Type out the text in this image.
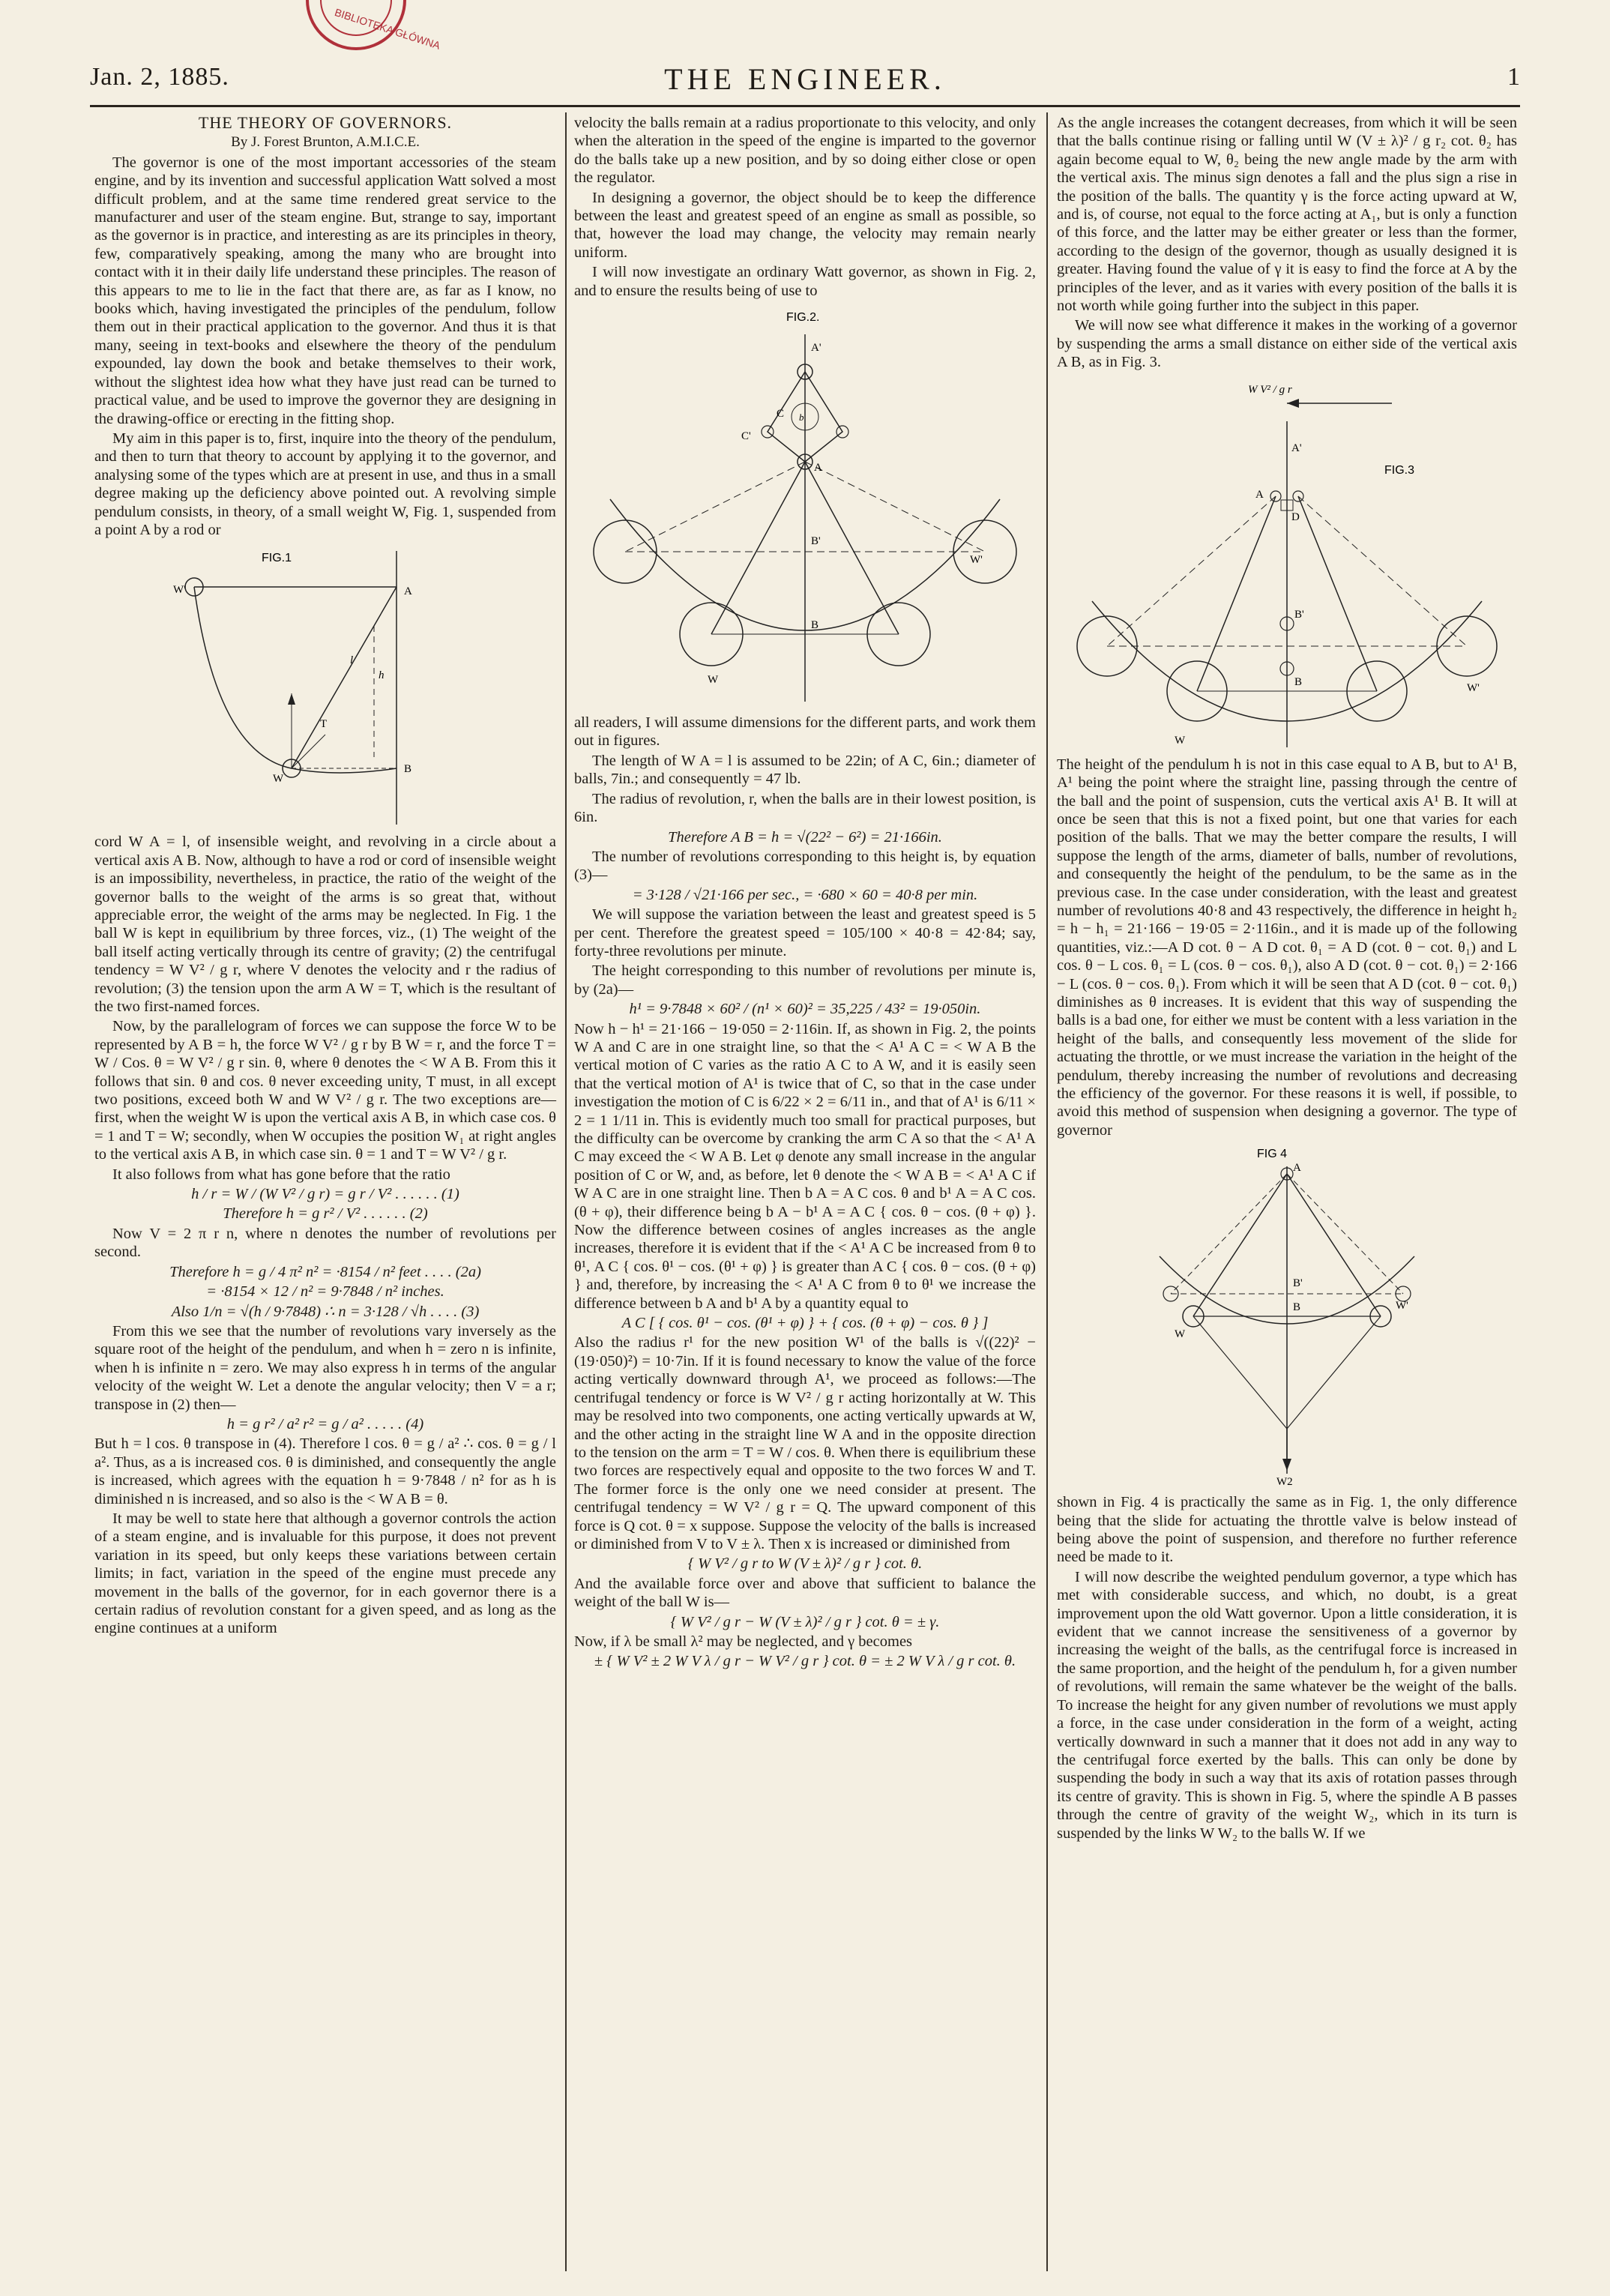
BIBLIOTEKA GŁÓWNA
Jan. 2, 1885.	THE ENGINEER.	1

THE THEORY OF GOVERNORS.

By J. Forest Brunton, A.M.I.C.E.

The governor is one of the most important accessories of the steam engine, and by its invention and successful application Watt solved a most difficult problem, and at the same time rendered great service to the manufacturer and user of the steam engine. But, strange to say, important as the governor is in practice, and interesting as are its principles in theory, few, comparatively speaking, among the many who are brought into contact with it in their daily life understand these principles. The reason of this appears to me to lie in the fact that there are, as far as I know, no books which, having investigated the principles of the pendulum, follow them out in their practical application to the governor. And thus it is that many, seeing in text-books and elsewhere the theory of the pendulum expounded, lay down the book and betake themselves to their work, without the slightest idea how what they have just read can be turned to practical value, and be used to improve the governor they are designing in the drawing-office or erecting in the fitting shop.

My aim in this paper is to, first, inquire into the theory of the pendulum, and then to turn that theory to account by applying it to the governor, and analysing some of the types which are at present in use, and thus in a small degree making up the deficiency above pointed out. A revolving simple pendulum consists, in theory, of a small weight W, Fig. 1, suspended from a point A by a rod or

FIG.1
W'	A
W
T
B
h
l

cord W A = l, of insensible weight, and revolving in a circle about a vertical axis A B. Now, although to have a rod or cord of insensible weight is an impossibility, nevertheless, in practice, the ratio of the weight of the governor balls to the weight of the arms is so great that, without appreciable error, the weight of the arms may be neglected. In Fig. 1 the ball W is kept in equilibrium by three forces, viz., (1) The weight of the ball itself acting vertically through its centre of gravity; (2) the centrifugal tendency = W V² / g r, where V denotes the velocity and r the radius of revolution; (3) the tension upon the arm A W = T, which is the resultant of the two first-named forces.

Now, by the parallelogram of forces we can suppose the force W to be represented by A B = h, the force W V² / g r by B W = r, and the force T = W / Cos. θ = W V² / g r sin. θ, where θ denotes the < W A B. From this it follows that sin. θ and cos. θ never exceeding unity, T must, in all except two positions, exceed both W and W V² / g r. The two exceptions are—first, when the weight W is upon the vertical axis A B, in which case cos. θ = 1 and T = W; secondly, when W occupies the position W₁ at right angles to the vertical axis A B, in which case sin. θ = 1 and T = W V² / g r.

It also follows from what has gone before that the ratio

h / r = W / (W V² / g r) = g r / V² . . . . . . (1)

Therefore h = g r² / V² . . . . . . (2)

Now V = 2 π r n, where n denotes the number of revolutions per second.

Therefore h = g / 4 π² n² = ·8154 / n² feet . . . . (2a)

= ·8154 × 12 / n² = 9·7848 / n² inches.

Also 1/n = √(h / 9·7848) ∴ n = 3·128 / √h . . . . (3)

From this we see that the number of revolutions vary inversely as the square root of the height of the pendulum, and when h = zero n is infinite, when h is infinite n = zero. We may also express h in terms of the angular velocity of the weight W. Let a denote the angular velocity; then V = a r; transpose in (2) then—

h = g r² / a² r² = g / a² . . . . . (4)

But h = l cos. θ transpose in (4). Therefore l cos. θ = g / a² ∴ cos. θ = g / l a². Thus, as a is increased cos. θ is diminished, and consequently the angle is increased, which agrees with the equation h = 9·7848 / n² for as h is diminished n is increased, and so also is the < W A B = θ.

It may be well to state here that although a governor controls the action of a steam engine, and is invaluable for this purpose, it does not prevent variation in its speed, but only keeps these variations between certain limits; in fact, variation in the speed of the engine must precede any movement in the balls of the governor, for in each governor there is a certain radius of revolution constant for a given speed, and as long as the engine continues at a uniform

velocity the balls remain at a radius proportionate to this velocity, and only when the alteration in the speed of the engine is imparted to the governor do the balls take up a new position, and by so doing either close or open the regulator.

In designing a governor, the object should be to keep the difference between the least and greatest speed of an engine as small as possible, so that, however the load may change, the velocity may remain nearly uniform.

I will now investigate an ordinary Watt governor, as shown in Fig. 2, and to ensure the results being of use to

FIG.2.
A'
A
B'
B
C
C'
W
W'
b

all readers, I will assume dimensions for the different parts, and work them out in figures.

The length of W A = l is assumed to be 22in; of A C, 6in.; diameter of balls, 7in.; and consequently = 47 lb.

The radius of revolution, r, when the balls are in their lowest position, is 6in.

Therefore A B = h = √(22² − 6²) = 21·166in.

The number of revolutions corresponding to this height is, by equation (3)—

= 3·128 / √21·166 per sec., = ·680 × 60 = 40·8 per min.

We will suppose the variation between the least and greatest speed is 5 per cent. Therefore the greatest speed = 105/100 × 40·8 = 42·84; say, forty-three revolutions per minute.

The height corresponding to this number of revolutions per minute is, by (2a)—

h¹ = 9·7848 × 60² / (n¹ × 60)² = 35,225 / 43² = 19·050in.

Now h − h¹ = 21·166 − 19·050 = 2·116in. If, as shown in Fig. 2, the points W A and C are in one straight line, so that the < A¹ A C = < W A B the vertical motion of C varies as the ratio A C to A W, and it is easily seen that the vertical motion of A¹ is twice that of C, so that in the case under investigation the motion of C is 6/22 × 2 = 6/11 in., and that of A¹ is 6/11 × 2 = 1 1/11 in. This is evidently much too small for practical purposes, but the difficulty can be overcome by cranking the arm C A so that the < A¹ A C may exceed the < W A B. Let φ denote any small increase in the angular position of C or W, and, as before, let θ denote the < W A B = < A¹ A C if W A C are in one straight line. Then b A = A C cos. θ and b¹ A = A C cos. (θ + φ), their difference being b A − b¹ A = A C { cos. θ − cos. (θ + φ) }. Now the difference between cosines of angles increases as the angle increases, therefore it is evident that if the < A¹ A C be increased from θ to θ¹, A C { cos. θ¹ − cos. (θ¹ + φ) } is greater than A C { cos. θ − cos. (θ + φ) } and, therefore, by increasing the < A¹ A C from θ to θ¹ we increase the difference between b A and b¹ A by a quantity equal to

A C [ { cos. θ¹ − cos. (θ¹ + φ) } + { cos. (θ + φ) − cos. θ } ]

Also the radius r¹ for the new position W¹ of the balls is √((22)² − (19·050)²) = 10·7in. If it is found necessary to know the value of the force acting vertically downward through A¹, we proceed as follows:—The centrifugal tendency or force is W V² / g r acting horizontally at W. This may be resolved into two components, one acting vertically upwards at W, and the other acting in the straight line W A and in the opposite direction to the tension on the arm = T = W / cos. θ. When there is equilibrium these two forces are respectively equal and opposite to the two forces W and T. The former force is the only one we need consider at present. The centrifugal tendency = W V² / g r = Q. The upward component of this force is Q cot. θ = x suppose. Suppose the velocity of the balls is increased or diminished from V to V ± λ. Then x is increased or diminished from

{ W V² / g r to W (V ± λ)² / g r } cot. θ.

And the available force over and above that sufficient to balance the weight of the ball W is—

{ W V² / g r − W (V ± λ)² / g r } cot. θ = ± γ.

Now, if λ be small λ² may be neglected, and γ becomes

± { W V² ± 2 W V λ / g r − W V² / g r } cot. θ = ± 2 W V λ / g r cot. θ.

As the angle increases the cotangent decreases, from which it will be seen that the balls continue rising or falling until W (V ± λ)² / g r₂ cot. θ₂ has again become equal to W, θ₂ being the new angle made by the arm with the vertical axis. The minus sign denotes a fall and the plus sign a rise in the position of the balls. The quantity γ is the force acting upward at W, and is, of course, not equal to the force acting at A₁, but is only a function of this force, and the latter may be either greater or less than the former, according to the design of the governor, though as usually designed it is greater. Having found the value of γ it is easy to find the force at A by the principles of the lever, and as it varies with every position of the balls it is not worth while going further into the subject in this paper.

We will now see what difference it makes in the working of a governor by suspending the arms a small distance on either side of the vertical axis A B, as in Fig. 3.

W V² / g r
FIG.3
A'
A
D
B'
B
W
W'

The height of the pendulum h is not in this case equal to A B, but to A¹ B, A¹ being the point where the straight line, passing through the centre of the ball and the point of suspension, cuts the vertical axis A¹ B. It will at once be seen that this is not a fixed point, but one that varies for each position of the balls. That we may the better compare the results, I will suppose the length of the arms, diameter of balls, number of revolutions, and consequently the height of the pendulum, to be the same as in the previous case. In the case under consideration, with the least and greatest number of revolutions 40·8 and 43 respectively, the difference in height h₂ = h − h₁ = 21·166 − 19·05 = 2·116in., and it is made up of the following quantities, viz.:—A D cot. θ − A D cot. θ₁ = A D (cot. θ − cot. θ₁) and L cos. θ − L cos. θ₁ = L (cos. θ − cos. θ₁), also A D (cot. θ − cot. θ₁) = 2·166 − L (cos. θ − cos. θ₁). From which it will be seen that A D (cot. θ − cot. θ₁) diminishes as θ increases. It is evident that this way of suspending the balls is a bad one, for either we must be content with a less variation in the height of the balls, and consequently less movement of the slide for actuating the throttle, or we must increase the variation in the height of the pendulum, thereby increasing the number of revolutions and decreasing the efficiency of the governor. For these reasons it is well, if possible, to avoid this method of suspension when designing a governor. The type of governor

FIG 4
A
B'
B
W
W'
W2

shown in Fig. 4 is practically the same as in Fig. 1, the only difference being that the slide for actuating the throttle valve is below instead of being above the point of suspension, and therefore no further reference need be made to it.

I will now describe the weighted pendulum governor, a type which has met with considerable success, and which, no doubt, is a great improvement upon the old Watt governor. Upon a little consideration, it is evident that we cannot increase the sensitiveness of a governor by increasing the weight of the balls, as the centrifugal force is increased in the same proportion, and the height of the pendulum h, for a given number of revolutions, will remain the same whatever be the weight of the balls. To increase the height for any given number of revolutions we must apply a force, in the case under consideration in the form of a weight, acting vertically downward in such a manner that it does not add in any way to the centrifugal force exerted by the balls. This can only be done by suspending the body in such a way that its axis of rotation passes through its centre of gravity. This is shown in Fig. 5, where the spindle A B passes through the centre of gravity of the weight W₂, which in its turn is suspended by the links W W₂ to the balls W. If we
